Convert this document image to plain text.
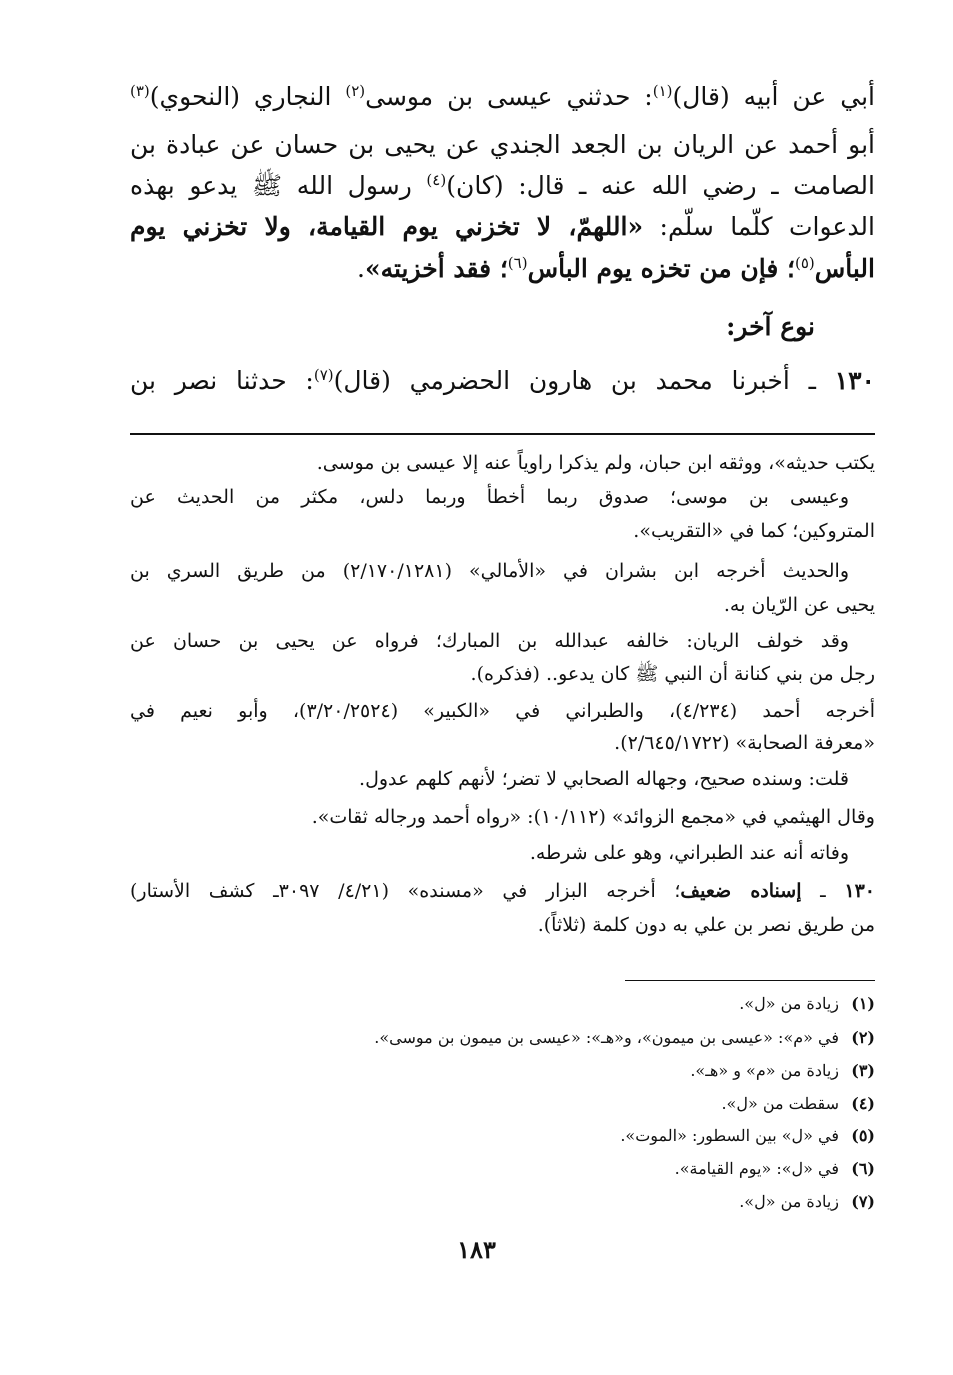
أبي عن أبيه (قال)$^{(١)}$: حدثني عيسى بن موسى$^{(٢)}$ النجاري (النحوي)$^{(٣)}$
أبو أحمد عن الريان بن الجعد الجندي عن يحيى بن حسان عن عبادة بن
الصامت ـ رضي الله عنه ـ قال: (كان)$^{(٤)}$ رسول الله ﷺ يدعو بهذه
الدعوات كلّما سلّم: «اللهمّ، لا تخزني يوم القيامة، ولا تخزني يوم
البأس$^{(٥)}$؛ فإن من تخزه يوم البأس$^{(٦)}$؛ فقد أخزيته».
نوع آخر:
١٣٠ ـ أخبرنا محمد بن هارون الحضرمي (قال)$^{(٧)}$: حدثنا نصر بن
يكتب حديثه»، ووثقه ابن حبان، ولم يذكرا راوياً عنه إلا عيسى بن موسى.
وعيسى بن موسى؛ صدوق ربما أخطأ وربما دلس، مكثر من الحديث عن
المتروكين؛ كما في «التقريب».
والحديث أخرجه ابن بشران في «الأمالي» (٢/١٧٠/١٢٨١) من طريق السري بن
يحيى عن الرّيان به.
وقد خولف الريان: خالفه عبدالله بن المبارك؛ فرواه عن يحيى بن حسان عن
رجل من بني كنانة أن النبي ﷺ كان يدعو.. (فذكره).
أخرجه أحمد (٤/٢٣٤)، والطبراني في «الكبير» (٣/٢٠/٢٥٢٤)، وأبو نعيم في
«معرفة الصحابة» (٢/٦٤٥/١٧٢٢).
قلت: وسنده صحيح، وجهاله الصحابي لا تضر؛ لأنهم كلهم عدول.
وقال الهيثمي في «مجمع الزوائد» (١٠/١١٢): «رواه أحمد ورجاله ثقات».
وفاته أنه عند الطبراني، وهو على شرطه.
١٣٠ ـ إسناده ضعيف؛ أخرجه البزار في «مسنده» (٤/٢١/ ٣٠٩٧ـ كشف الأستار)
من طريق نصر بن علي به دون كلمة (ثلاثاً).
(١)زيادة من «ل».
(٢)في «م»: «عيسى بن ميمون»، و«هـ»: «عيسى بن ميمون بن موسى».
(٣)زيادة من «م» و «هـ».
(٤)سقطت من «ل».
(٥)في «ل» بين السطور: «الموت».
(٦)في «ل»: «يوم القيامة».
(٧)زيادة من «ل».
١٨٣
